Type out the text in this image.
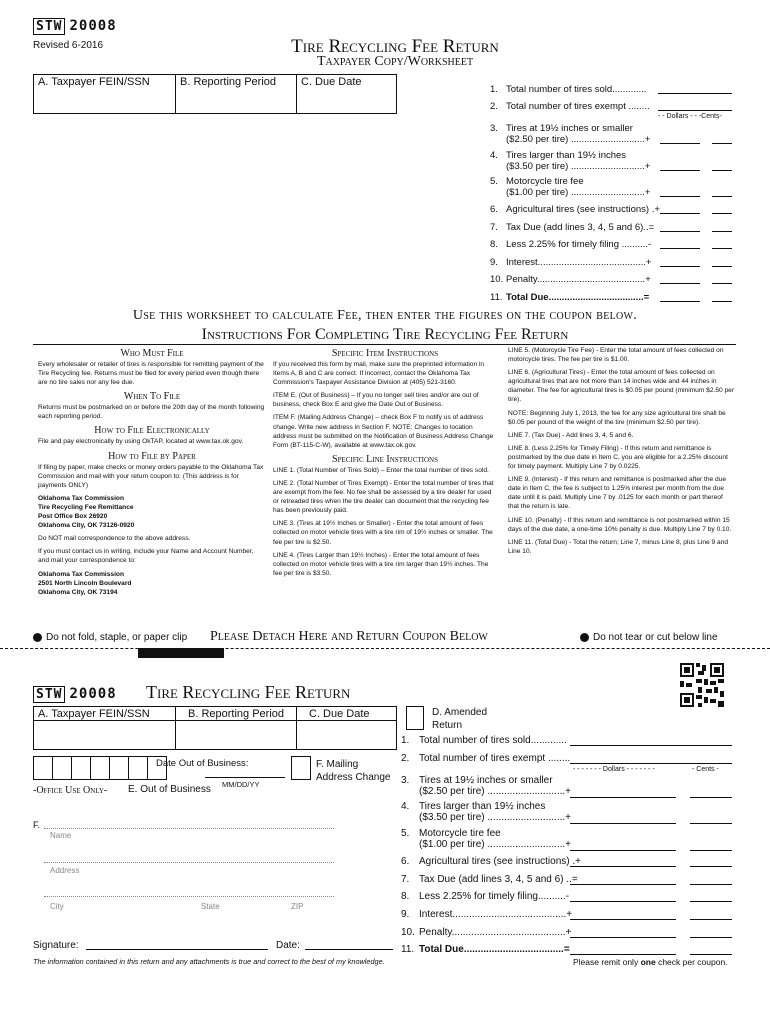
STW 20008
Revised 6-2016	Tire Recycling Fee Return
Taxpayer Copy/Worksheet
A. Taxpayer FEIN/SSN	B. Reporting Period C. Due Date
- - Dollars - - -Cents-
1. Total number of tires sold.............
2. Total number of tires exempt ........
3. Tires at 19½ inches or smaller
($2.50 per tire) ............................+
4. Tires larger than 19½ inches
($3.50 per tire) ............................+
5. Motorcycle tire fee
($1.00 per tire) ............................+
6. Agricultural tires (see instructions) .+
7. Tax Due (add lines 3, 4, 5 and 6)..=
8. Less 2.25% for timely filing ..........-
9. Interest.........................................+
10. Penalty.........................................+
11. Total Due....................................=
Use this worksheet to calculate Fee, then enter the figures on the coupon below.
Instructions For Completing Tire Recycling Fee Return
Who Must File
Every wholesaler or retailer of tires is responsible for remitting payment of the Tire Recycling fee. Returns must be filed for every period even though there are no tire sales nor any fee due.
When To File
Returns must be postmarked on or before the 20th day of the month following each reporting period.
How to File Electronically
File and pay electronically by using OkTAP, located at www.tax.ok.gov.
How to File by Paper
If filing by paper, make checks or money orders payable to the Oklahoma Tax Commission and mail with your return coupon to: (This address is for payments ONLY)
Oklahoma Tax Commission
Tire Recycling Fee Remittance
Post Office Box 26920
Oklahoma City, OK 73126-0920
Do NOT mail correspondence to the above address.
If you must contact us in writing, include your Name and Account Number, and mail your correspondence to:
Oklahoma Tax Commission
2501 North Lincoln Boulevard
Oklahoma City, OK 73194
Specific Item Instructions
If you received this form by mail, make sure the preprinted information in Items A, B and C are correct. If incorrect, contact the Oklahoma Tax Commission's Taxpayer Assistance Division at (405) 521-3160.
ITEM E. (Out of Business) – If you no longer sell tires and/or are out of business, check Box E and give the Date Out of Business.
ITEM F. (Mailing Address Change) – check Box F to notify us of address change. Write new address in Section F. NOTE: Changes to location address must be submitted on the Notification of Business Address Change Form (BT-115-C-W), available at www.tax.ok.gov.
Specific Line Instructions
LINE 1. (Total Number of Tires Sold) – Enter the total number of tires sold.
LINE 2. (Total Number of Tires Exempt) - Enter the total number of tires that are exempt from the fee. No fee shall be assessed by a tire dealer for used or retreaded tires when the tire dealer can document that the recycling fee has been previously paid.
LINE 3. (Tires at 19½ Inches or Smaller) - Enter the total amount of fees collected on motor vehicle tires with a tire rim of 19½ inches or smaller. The fee per tire is $2.50.
LINE 4. (Tires Larger than 19½ Inches) - Enter the total amount of fees collected on motor vehicle tires with a tire rim larger than 19½ inches. The fee per tire is $3.50.
LINE 5. (Motorcycle Tire Fee) - Enter the total amount of fees collected on motorcycle tires. The fee per tire is $1.00.
LINE 6. (Agricultural Tires) - Enter the total amount of fees collected on agricultural tires that are not more than 14 inches wide and 44 inches in diameter. The fee for agricultural tires is $0.05 per pound (minimum $2.50 per tire).
NOTE: Beginning July 1, 2013, the fee for any size agricultural tire shall be $0.05 per pound of the weight of the tire (minimum $2.50 per tire).
LINE 7. (Tax Due) - Add lines 3, 4, 5 and 6.
LINE 8. (Less 2.25% for Timely Filing) - If this return and remittance is postmarked by the due date in Item C, you are eligible for a 2.25% discount for timely payment. Multiply Line 7 by 0.0225.
LINE 9. (Interest) - If this return and remittance is postmarked after the due date in Item C, the fee is subject to 1.25% interest per month from the due date until it is paid. Multiply Line 7 by .0125 for each month or part thereof that the return is late.
LINE 10. (Penalty) - If this return and remittance is not postmarked within 15 days of the due date, a one-time 10% penalty is due. Multiply Line 7 by 0.10.
LINE 11. (Total Due) - Total the return; Line 7, minus Line 8, plus Line 9 and Line 10.
Do not fold, staple, or paper clip Please Detach Here and Return Coupon Below	Do not tear or cut below line
STW 20008 Tire Recycling Fee Return
A. Taxpayer FEIN/SSN	B. Reporting Period C. Due Date	D. Amended Return
Date Out of Business:
MM/DD/YY
F. Mailing Address Change
-Office Use Only- E. Out of Business
F.
Name
Address
City	State	ZIP
Signature:	Date:
The information contained in this return and any attachments is true and correct to the best of my knowledge.
- - - - - - - Dollars - - - - - - -	- Cents -
1. Total number of tires sold.............
2. Total number of tires exempt ........
3. Tires at 19½ inches or smaller
($2.50 per tire) ............................+
4. Tires larger than 19½ inches
($3.50 per tire) ............................+
5. Motorcycle tire fee
($1.00 per tire) ............................+
6. Agricultural tires (see instructions) .+
7. Tax Due (add lines 3, 4, 5 and 6) ..=
8. Less 2.25% for timely filing..........-
9. Interest.........................................+
10. Penalty.........................................+
11. Total Due....................................=
Please remit only one check per coupon.
